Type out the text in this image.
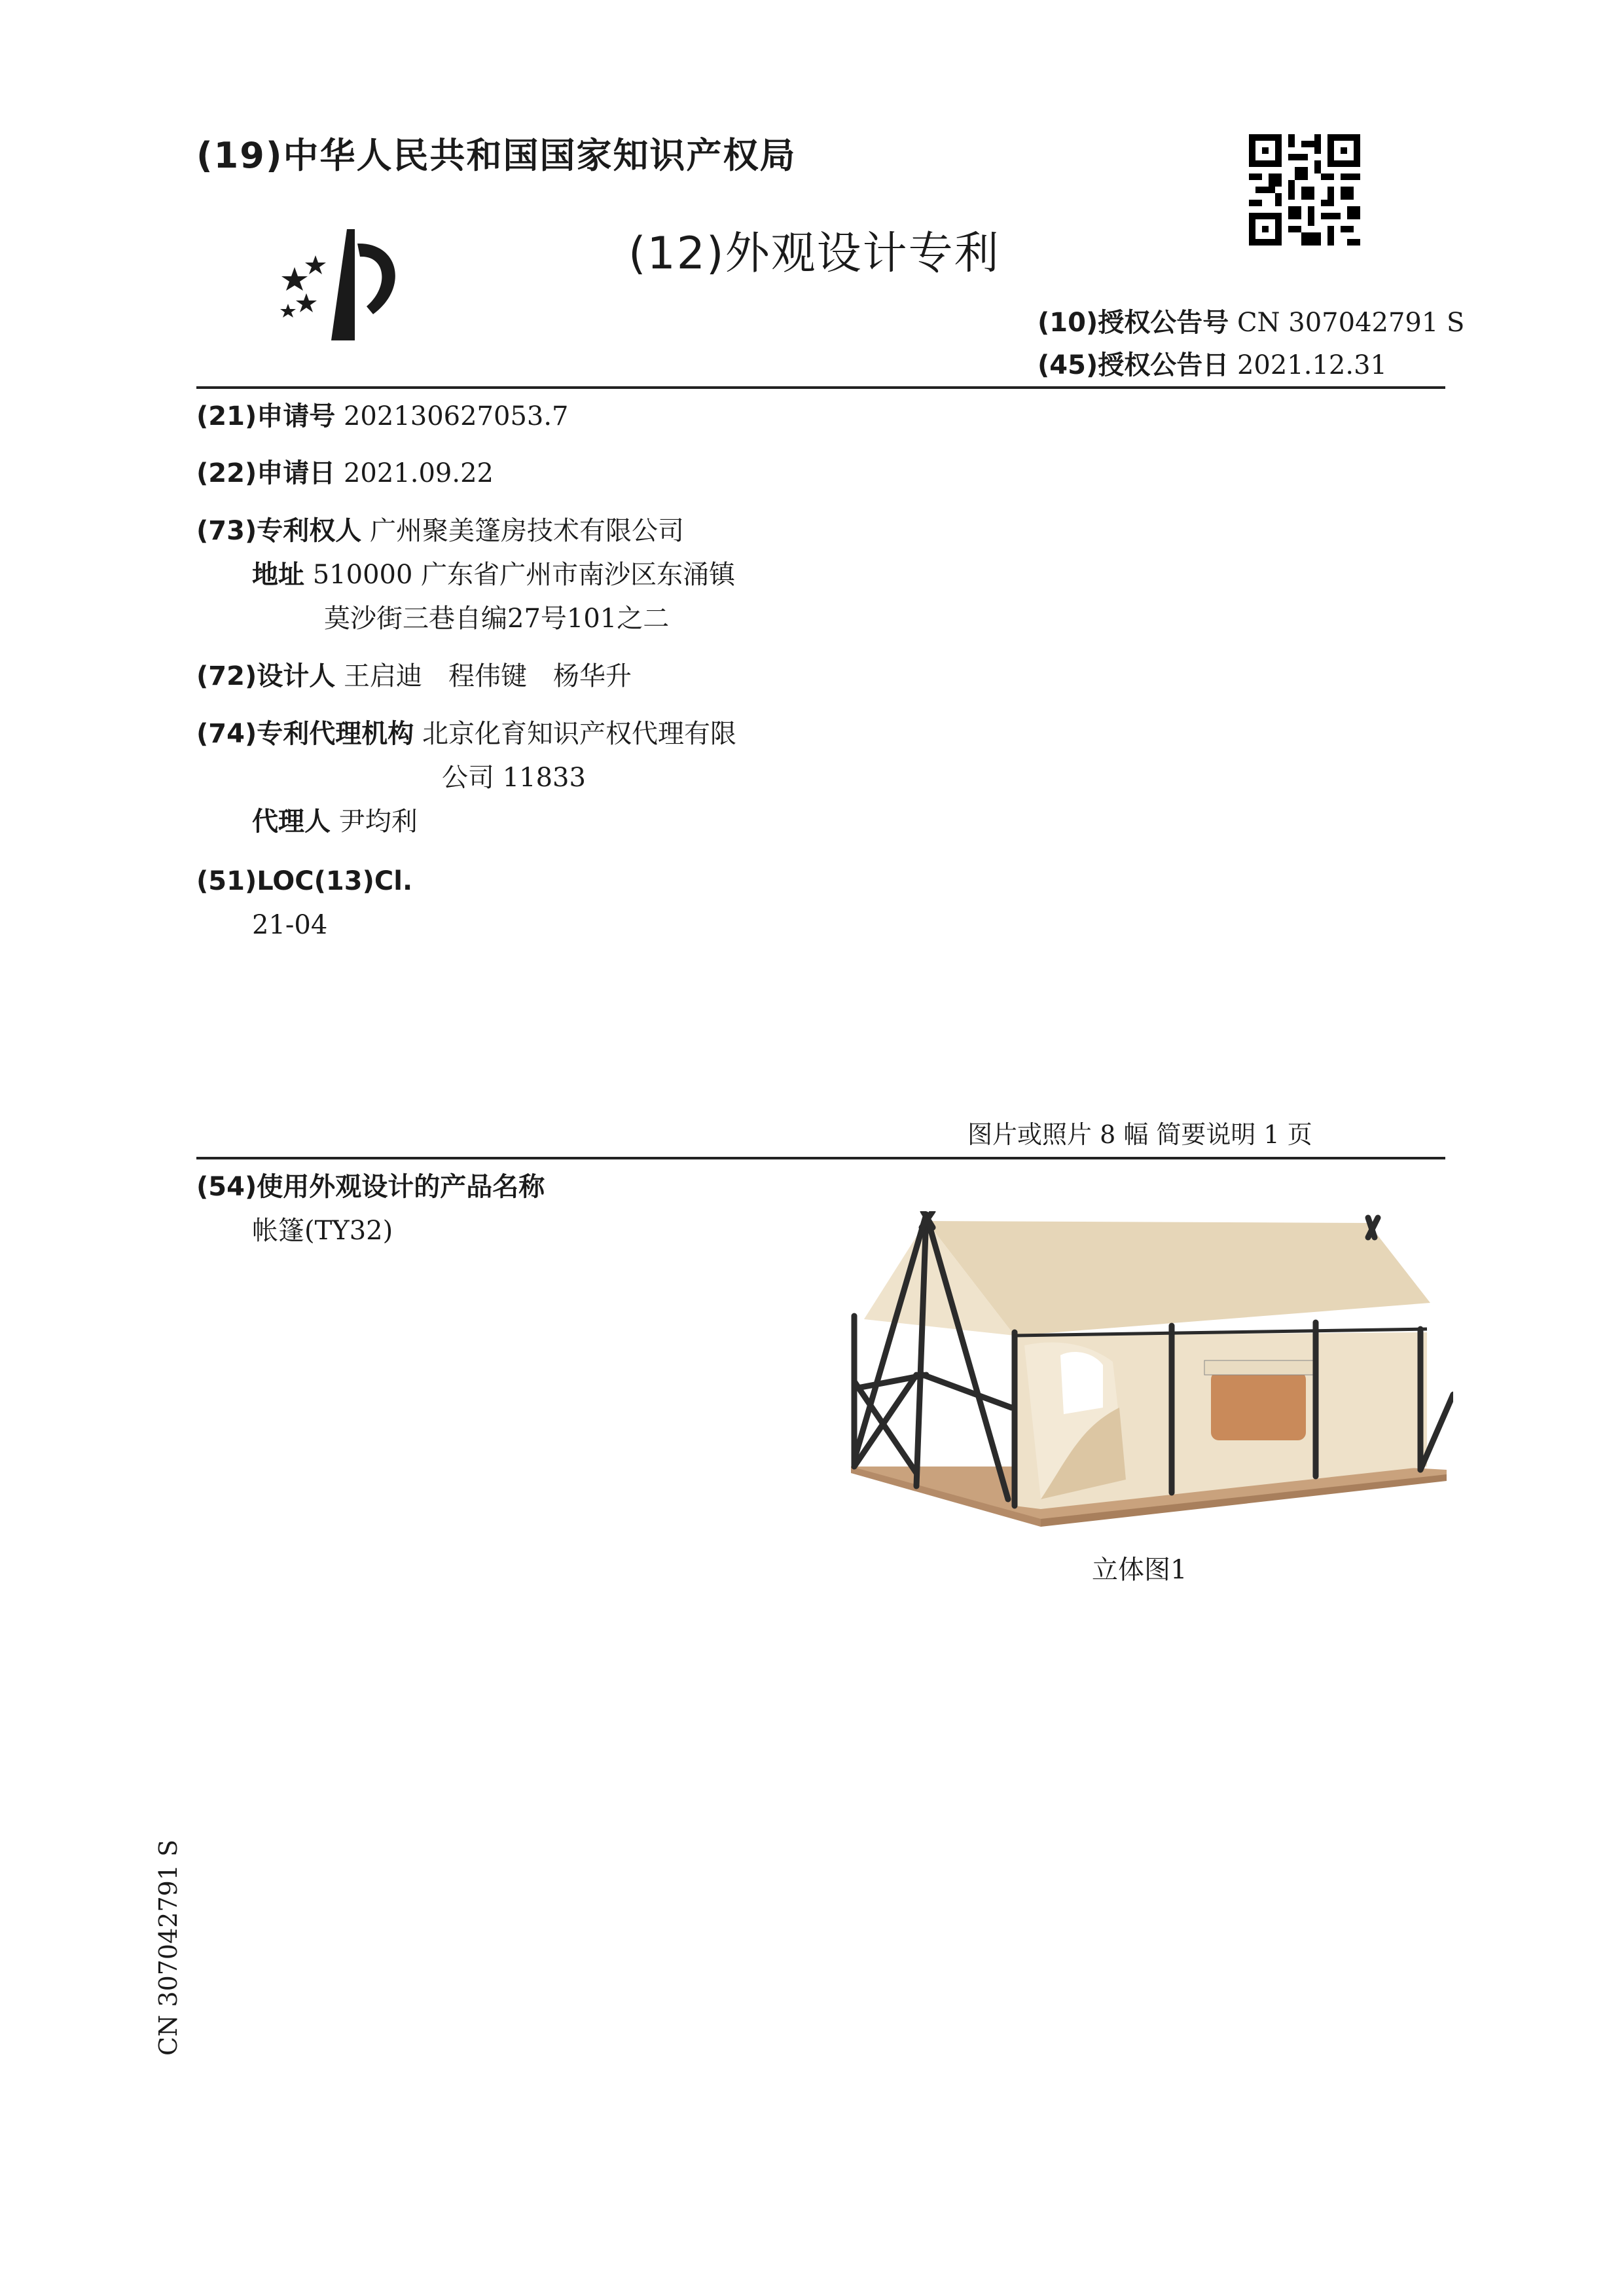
(19)中华人民共和国国家知识产权局
(12)外观设计专利
(10)授权公告号 CN 307042791 S
(45)授权公告日 2021.12.31
(21)申请号 202130627053.7
(22)申请日 2021.09.22
(73)专利权人 广州聚美篷房技术有限公司
地址 510000 广东省广州市南沙区东涌镇
莫沙街三巷自编27号101之二
(72)设计人 王启迪　程伟键　杨华升
(74)专利代理机构 北京化育知识产权代理有限
公司 11833
代理人 尹均利
(51)LOC(13)Cl.
21-04
图片或照片 8 幅 简要说明 1 页
(54)使用外观设计的产品名称
帐篷(TY32)
立体图1
CN 307042791 S
